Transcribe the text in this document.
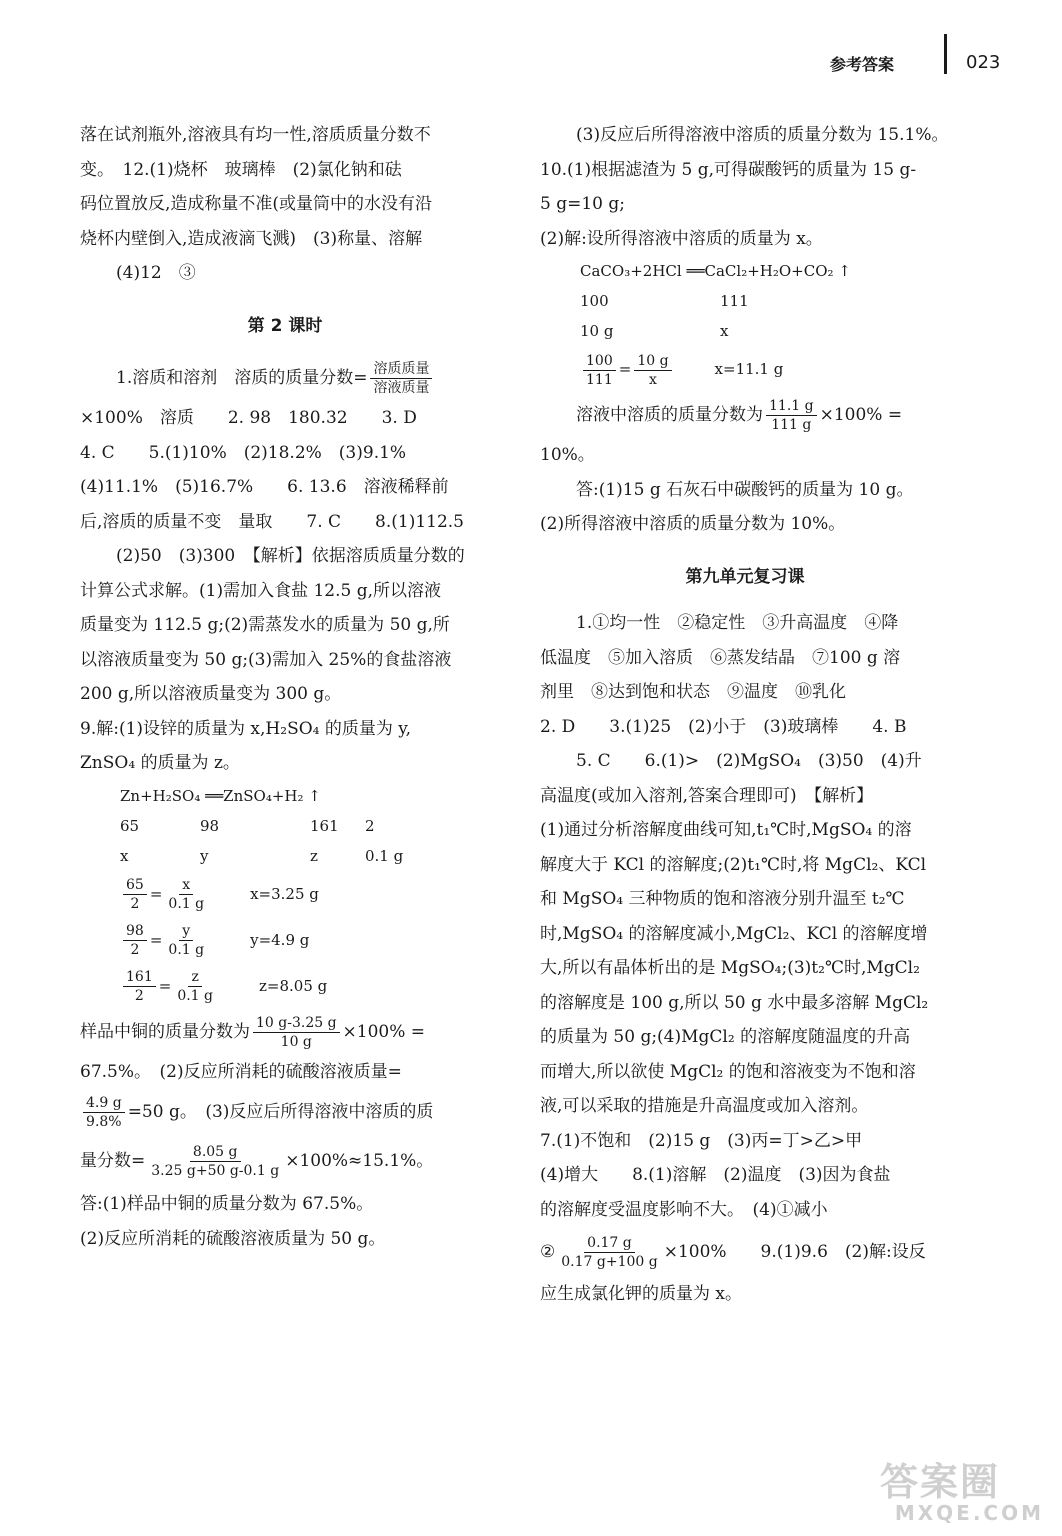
参考答案	023

落在试剂瓶外,溶液具有均一性,溶质质量分数不

变。　12.(1)烧杯　玻璃棒　(2)氯化钠和砝

码位置放反,造成称量不准(或量筒中的水没有沿

烧杯内壁倒入,造成液滴飞溅)　(3)称量、溶解

(4)12　③

第 2 课时

1.溶质和溶剂　溶质的质量分数= $\frac{\text{溶质质量}}{\text{溶液质量}}$

×100%　溶质　　2. 98　180.32　　3. D

4. C　　5.(1)10%　(2)18.2%　(3)9.1%

(4)11.1%　(5)16.7%　　6. 13.6　溶液稀释前

后,溶质的质量不变　量取　　7. C　　8.(1)112.5

(2)50　(3)300　【解析】依据溶质质量分数的

计算公式求解。(1)需加入食盐 12.5 g,所以溶液

质量变为 112.5 g;(2)需蒸发水的质量为 50 g,所

以溶液质量变为 50 g;(3)需加入 25%的食盐溶液

200 g,所以溶液质量变为 300 g。

9.解:(1)设锌的质量为 x,H₂SO₄ 的质量为 y,

ZnSO₄ 的质量为 z。

Zn+H₂SO₄ ══ZnSO₄+H₂ ↑

65	98	161 2

x	y	z	0.1 g

$\frac{65}{2} = \frac{x}{0.1 g}$	x=3.25 g

$\frac{98}{2} = \frac{y}{0.1 g}$	y=4.9 g

$\frac{161}{2} = \frac{z}{0.1 g}$	z=8.05 g

样品中铜的质量分数为 $\frac{10 g-3.25 g}{10 g} \times 100\%$ =

67.5%。　(2)反应所消耗的硫酸溶液质量=

$\frac{4.9 g}{9.8\%} =50$ g。　(3)反应后所得溶液中溶质的质

量分数= $\frac{8.05 g}{3.25 g+50 g-0.1 g} \times 100\%\approx 15.1\%$。

答:(1)样品中铜的质量分数为 67.5%。

(2)反应所消耗的硫酸溶液质量为 50 g。

(3)反应后所得溶液中溶质的质量分数为 15.1%。

10.(1)根据滤渣为 5 g,可得碳酸钙的质量为 15 g-

5 g=10 g;

(2)解:设所得溶液中溶质的质量为 x。

CaCO₃+2HCl ══CaCl₂+H₂O+CO₂ ↑

100	111

10 g	x

$\frac{100}{111} = \frac{10 g}{x}$	x=11.1 g

溶液中溶质的质量分数为 $\frac{11.1 g}{111 g} \times 100\%$ =

10%。

答:(1)15 g 石灰石中碳酸钙的质量为 10 g。

(2)所得溶液中溶质的质量分数为 10%。

第九单元复习课

1.①均一性　②稳定性　③升高温度　④降

低温度　⑤加入溶质　⑥蒸发结晶　⑦100 g 溶

剂里　⑧达到饱和状态　⑨温度　⑩乳化

2. D　　3.(1)25　(2)小于　(3)玻璃棒　　4. B

5. C　　6.(1)>　(2)MgSO₄　(3)50　(4)升

高温度(或加入溶剂,答案合理即可)　【解析】

(1)通过分析溶解度曲线可知,t₁℃时,MgSO₄ 的溶

解度大于 KCl 的溶解度;(2)t₁℃时,将 MgCl₂、KCl

和 MgSO₄ 三种物质的饱和溶液分别升温至 t₂℃

时,MgSO₄ 的溶解度减小,MgCl₂、KCl 的溶解度增

大,所以有晶体析出的是 MgSO₄;(3)t₂℃时,MgCl₂

的溶解度是 100 g,所以 50 g 水中最多溶解 MgCl₂

的质量为 50 g;(4)MgCl₂ 的溶解度随温度的升高

而增大,所以欲使 MgCl₂ 的饱和溶液变为不饱和溶

液,可以采取的措施是升高温度或加入溶剂。

7.(1)不饱和　(2)15 g　(3)丙=丁>乙>甲

(4)增大　　8.(1)溶解　(2)温度　(3)因为食盐

的溶解度受温度影响不大。　(4)①减小

② $\frac{0.17 g}{0.17 g+100 g} \times 100\%$　　9.(1)9.6　(2)解:设反

应生成氯化钾的质量为 x。

答案圈
MXQE.COM
